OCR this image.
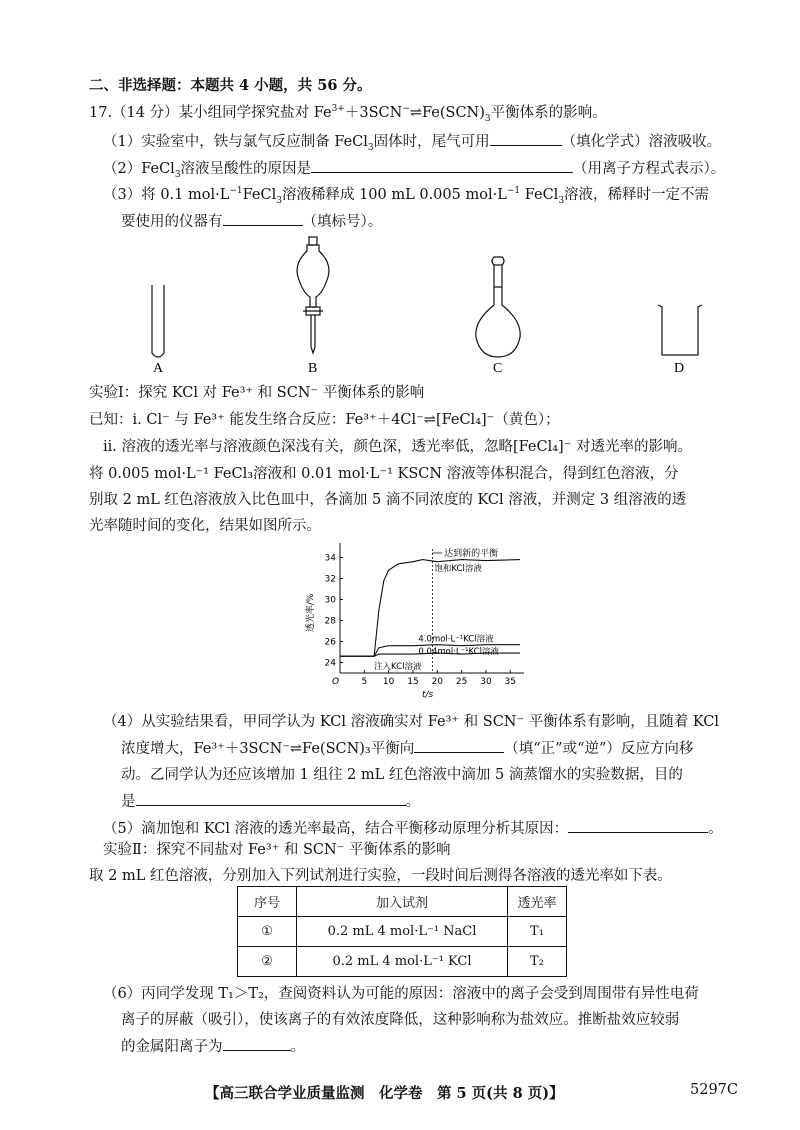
二、非选择题：本题共 4 小题，共 56 分。
17.（14 分）某小组同学探究盐对 $Fe^{3+}+3SCN^-\rightleftharpoons Fe(SCN)_3$平衡体系的影响。
（1）实验室中，铁与氯气反应制备 FeCl$_3$固体时，尾气可用	（填化学式）溶液吸收。
（2）FeCl$_3$溶液呈酸性的原因是	（用离子方程式表示）。
（3）将 0.1 $mol\cdot L^{-1}FeCl_3$溶液稀释成 100 mL 0.005 $mol\cdot L^{-1}$ FeCl$_3$溶液，稀释时一定不需
要使用的仪器有	（填标号）。
A	B	C	D
实验Ⅰ：探究 KCl 对 Fe³⁺ 和 SCN⁻ 平衡体系的影响
已知：ⅰ. Cl⁻ 与 Fe³⁺ 能发生络合反应：Fe³⁺＋4Cl⁻⇌[FeCl₄]⁻（黄色）；
ⅱ. 溶液的透光率与溶液颜色深浅有关，颜色深，透光率低，忽略[FeCl₄]⁻ 对透光率的影响。
将 0.005 mol·L⁻¹ FeCl₃溶液和 0.01 mol·L⁻¹ KSCN 溶液等体积混合，得到红色溶液，分
别取 2 mL 红色溶液放入比色皿中，各滴加 5 滴不同浓度的 KCl 溶液，并测定 3 组溶液的透
光率随时间的变化，结果如图所示。
24
26
28
30
32
34
5 10 15 20 25 30 35
O
t/s
透光率/%
达到新的平衡
饱和KCl溶液
4.0mol·L⁻¹KCl溶液
0.04mol·L⁻¹KCl溶液
注入KCl溶液
（4）从实验结果看，甲同学认为 KCl 溶液确实对 Fe³⁺ 和 SCN⁻ 平衡体系有影响，且随着 KCl
浓度增大，Fe³⁺＋3SCN⁻⇌Fe(SCN)₃平衡向	（填“正”或“逆”）反应方向移
动。乙同学认为还应该增加 1 组往 2 mL 红色溶液中滴加 5 滴蒸馏水的实验数据，目的
是	。
（5）滴加饱和 KCl 溶液的透光率最高，结合平衡移动原理分析其原因：	。
实验Ⅱ：探究不同盐对 Fe³⁺ 和 SCN⁻ 平衡体系的影响
取 2 mL 红色溶液，分别加入下列试剂进行实验，一段时间后测得各溶液的透光率如下表。
序号	加入试剂	透光率
①	0.2 mL 4 mol·L⁻¹ NaCl	T₁
②	0.2 mL 4 mol·L⁻¹ KCl	T₂
（6）丙同学发现 T₁＞T₂，查阅资料认为可能的原因：溶液中的离子会受到周围带有异性电荷
离子的屏蔽（吸引），使该离子的有效浓度降低，这种影响称为盐效应。推断盐效应较弱
的金属阳离子为	。
【高三联合学业质量监测　化学卷　第 5 页(共 8 页)】	5297C
